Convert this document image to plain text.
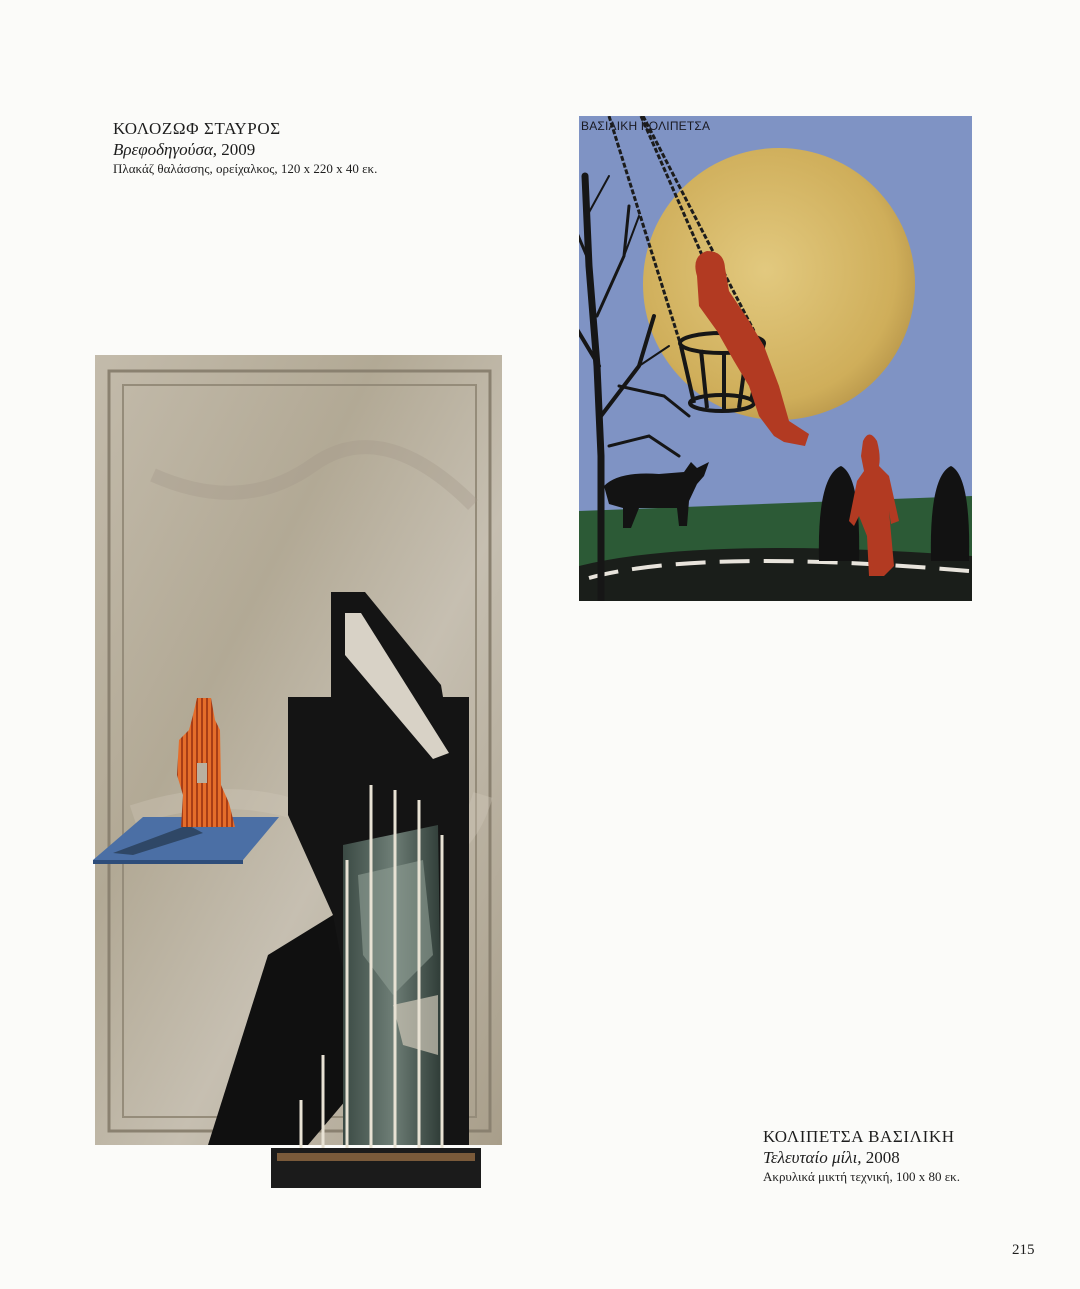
ΚΟΛΟΖΩΦ ΣΤΑΥΡΟΣ
Βρεφοδηγούσα, 2009
Πλακάζ θαλάσσης, ορείχαλκος, 120 x 220 x 40 εκ.
ΒΑΣΙΛΙΚΗ ΚΟΛΙΠΕΤΣΑ
ΚΟΛΙΠΕΤΣΑ ΒΑΣΙΛΙΚΗ
Τελευταίο μίλι, 2008
Ακρυλικά μικτή τεχνική, 100 x 80 εκ.
215
